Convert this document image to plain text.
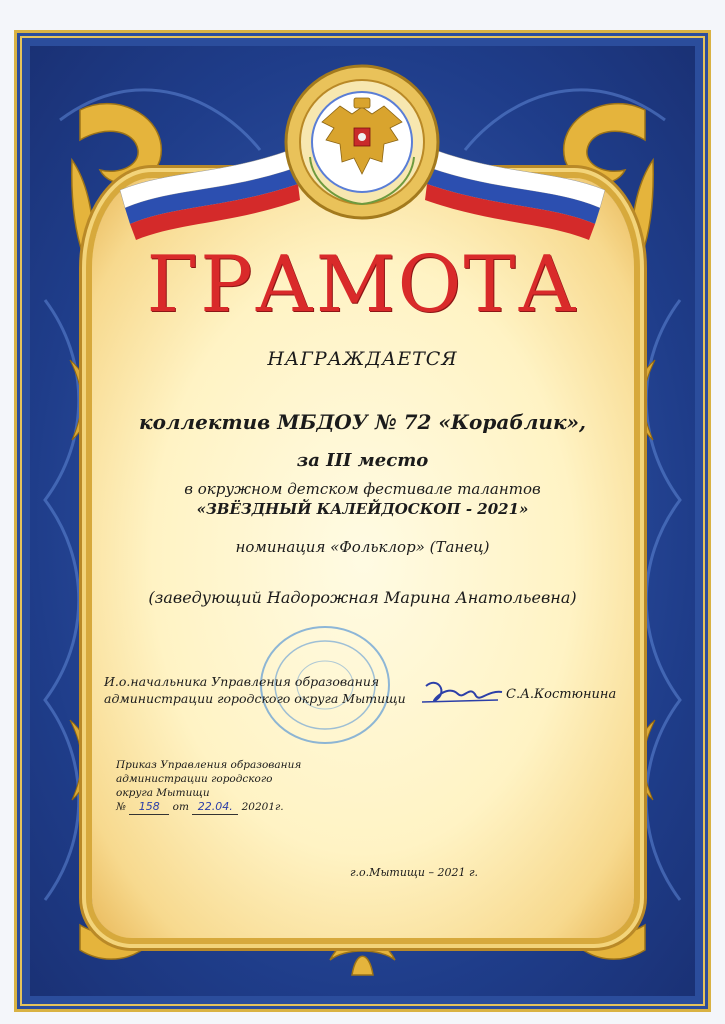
ГРАМОТА
НАГРАЖДАЕТСЯ
коллектив МБДОУ № 72 «Кораблик»,
за III место
в окружном детском фестивале талантов
«ЗВЁЗДНЫЙ КАЛЕЙДОСКОП - 2021»
номинация «Фольклор» (Танец)
(заведующий Надорожная Марина Анатольевна)
И.о.начальника Управления образования
администрации городского округа Мытищи	С.А.Костюнина
Приказ Управления образования
администрации городского
округа Мытищи
№ 158 от 22.04. 20201г.
г.о.Мытищи – 2021 г.
